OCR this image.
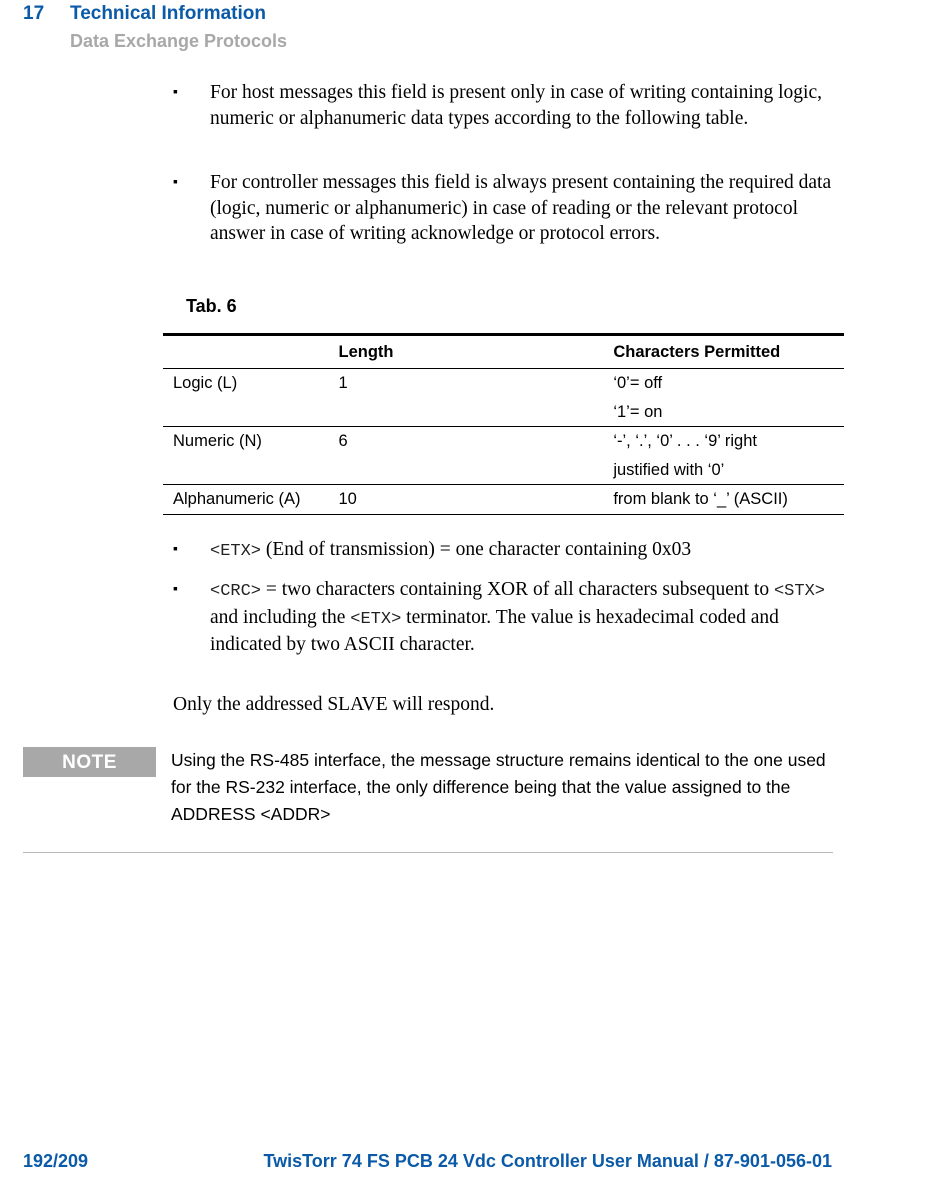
17 Technical Information
Data Exchange Protocols
▪ For host messages this field is present only in case of writing containing logic, numeric or alphanumeric data types according to the following table.
▪ For controller messages this field is always present containing the required data (logic, numeric or alphanumeric) in case of reading or the relevant protocol answer in case of writing acknowledge or protocol errors.
Tab. 6
	Length	Characters Permitted
Logic (L)	1	‘0’= off
‘1’= on

Numeric (N)	6	‘-’, ‘.’, ‘0’ . . . ‘9’ right
justified with ‘0’

Alphanumeric (A)	10	from blank to ‘_’ (ASCII)
▪ <ETX> (End of transmission) = one character containing 0x03
▪ <CRC> = two characters containing XOR of all characters subsequent to <STX>
and including the <ETX> terminator. The value is hexadecimal coded and indicated by two ASCII character.
Only the addressed SLAVE will respond.
NOTE	Using the RS-485 interface, the message structure remains identical to the one used for the RS-232 interface, the only difference being that the value assigned to the ADDRESS <ADDR>
192/209	TwisTorr 74 FS PCB 24 Vdc Controller User Manual / 87-901-056-01
